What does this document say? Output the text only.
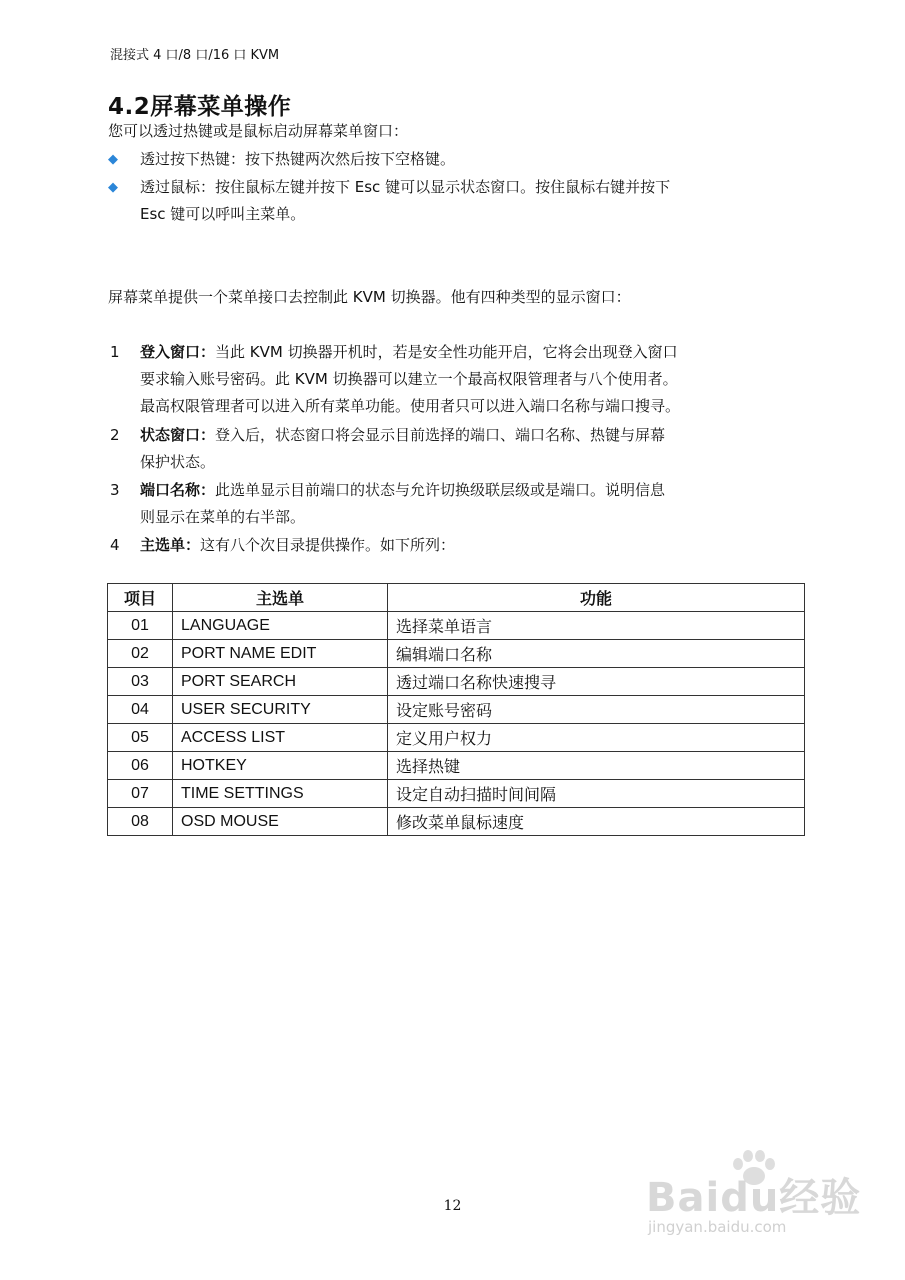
混接式 4 口/8 口/16 口 KVM
4.2屏幕菜单操作
您可以透过热键或是鼠标启动屏幕菜单窗口：
◆ 透过按下热键：按下热键两次然后按下空格键。
◆ 透过鼠标：按住鼠标左键并按下 Esc 键可以显示状态窗口。按住鼠标右键并按下
Esc 键可以呼叫主菜单。
屏幕菜单提供一个菜单接口去控制此 KVM 切换器。他有四种类型的显示窗口：
1 登入窗口：当此 KVM 切换器开机时，若是安全性功能开启，它将会出现登入窗口
要求输入账号密码。此 KVM 切换器可以建立一个最高权限管理者与八个使用者。
最高权限管理者可以进入所有菜单功能。使用者只可以进入端口名称与端口搜寻。
2 状态窗口：登入后，状态窗口将会显示目前选择的端口、端口名称、热键与屏幕
保护状态。
3 端口名称：此选单显示目前端口的状态与允许切换级联层级或是端口。说明信息
则显示在菜单的右半部。
4 主选单：这有八个次目录提供操作。如下所列：
项目	主选单	功能
01	LANGUAGE	选择菜单语言
02	PORT NAME EDIT	编辑端口名称
03	PORT SEARCH	透过端口名称快速搜寻
04	USER SECURITY	设定账号密码
05	ACCESS LIST	定义用户权力
06	HOTKEY	选择热键
07	TIME SETTINGS	设定自动扫描时间间隔
08	OSD MOUSE	修改菜单鼠标速度
12	Baidu经验
jingyan.baidu.com
